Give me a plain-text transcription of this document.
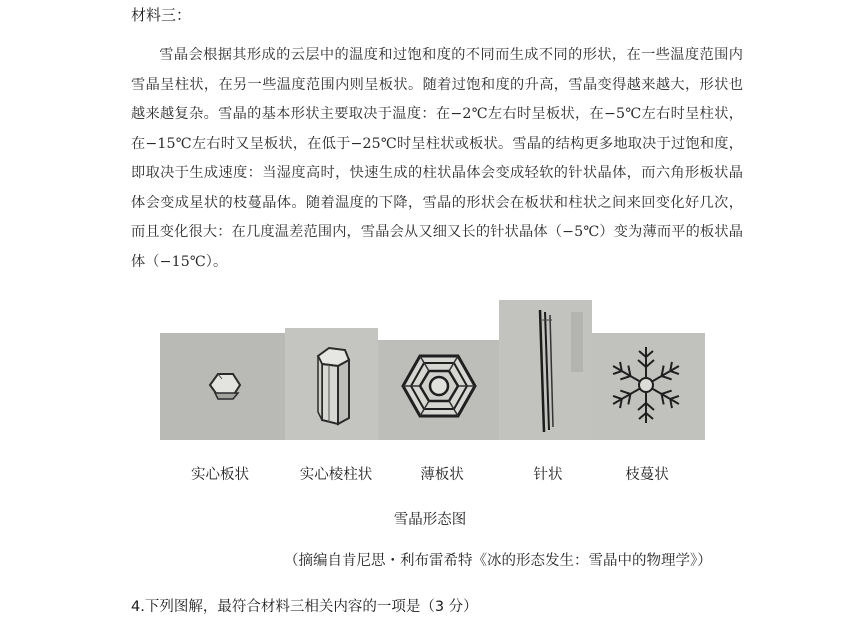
材料三：
雪晶会根据其形成的云层中的温度和过饱和度的不同而生成不同的形状，在一些温度范围内雪晶呈柱状，在另一些温度范围内则呈板状。随着过饱和度的升高，雪晶变得越来越大，形状也越来越复杂。雪晶的基本形状主要取决于温度：在−2℃左右时呈板状，在−5℃左右时呈柱状，在−15℃左右时又呈板状，在低于−25℃时呈柱状或板状。雪晶的结构更多地取决于过饱和度，即取决于生成速度：当湿度高时，快速生成的柱状晶体会变成轻软的针状晶体，而六角形板状晶体会变成星状的枝蔓晶体。随着温度的下降，雪晶的形状会在板状和柱状之间来回变化好几次，而且变化很大：在几度温差范围内，雪晶会从又细又长的针状晶体（−5℃）变为薄而平的板状晶体（−15℃）。
实心板状	实心棱柱状	薄板状	针状	枝蔓状
雪晶形态图
（摘编自肯尼思・利布雷希特《冰的形态发生：雪晶中的物理学》）
4.下列图解，最符合材料三相关内容的一项是（3 分）
